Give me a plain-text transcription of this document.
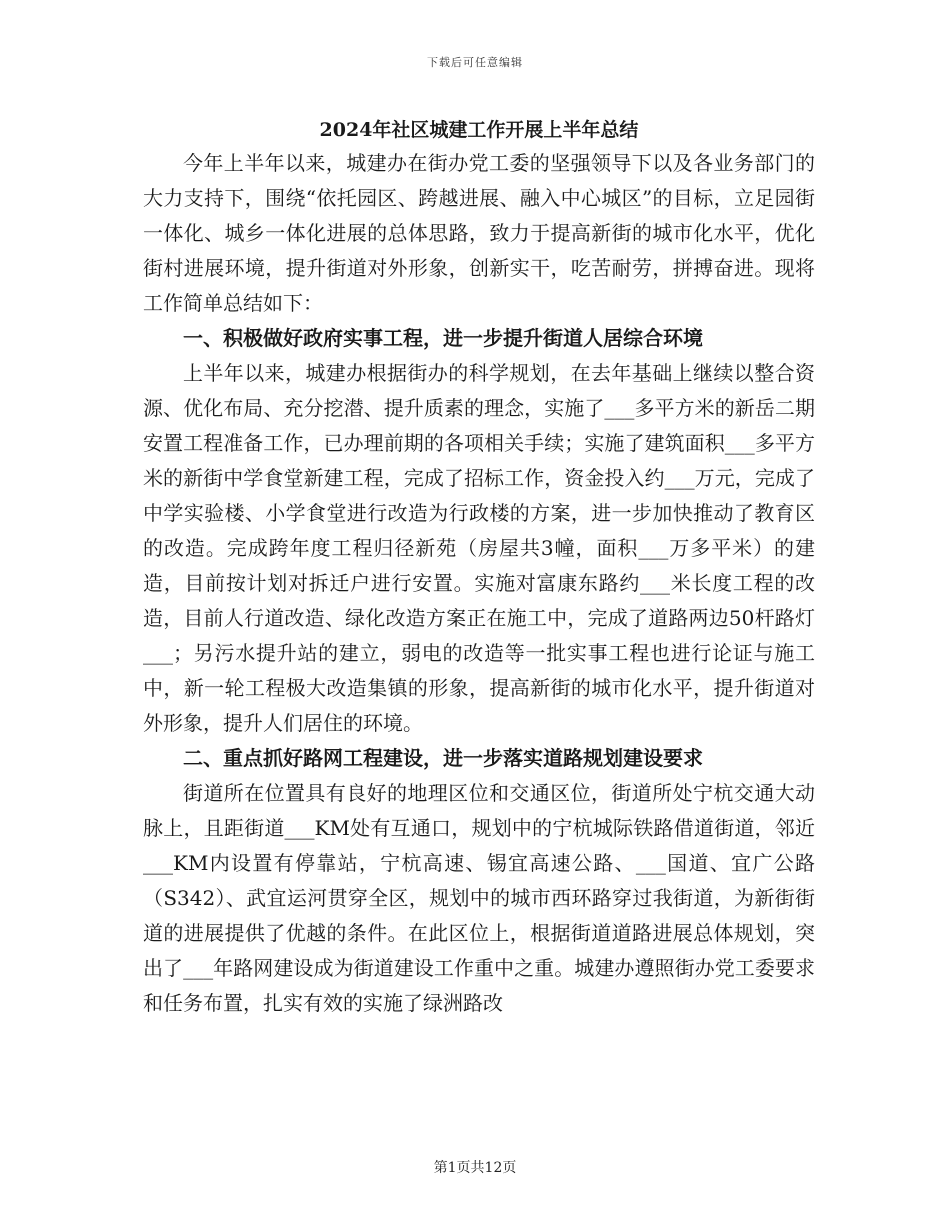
下载后可任意编辑
2024年社区城建工作开展上半年总结

今年上半年以来，城建办在街办党工委的坚强领导下以及各业务部门的大力支持下，围绕“依托园区、跨越进展、融入中心城区”的目标，立足园街一体化、城乡一体化进展的总体思路，致力于提高新街的城市化水平，优化街村进展环境，提升街道对外形象，创新实干，吃苦耐劳，拼搏奋进。现将工作简单总结如下：

一、积极做好政府实事工程，进一步提升街道人居综合环境

上半年以来，城建办根据街办的科学规划，在去年基础上继续以整合资源、优化布局、充分挖潜、提升质素的理念，实施了___多平方米的新岳二期安置工程准备工作，已办理前期的各项相关手续；实施了建筑面积___多平方米的新街中学食堂新建工程，完成了招标工作，资金投入约___万元，完成了中学实验楼、小学食堂进行改造为行政楼的方案，进一步加快推动了教育区的改造。完成跨年度工程归径新苑（房屋共3幢，面积___万多平米）的建造，目前按计划对拆迁户进行安置。实施对富康东路约___米长度工程的改造，目前人行道改造、绿化改造方案正在施工中，完成了道路两边50杆路灯___；另污水提升站的建立，弱电的改造等一批实事工程也进行论证与施工中，新一轮工程极大改造集镇的形象，提高新街的城市化水平，提升街道对外形象，提升人们居住的环境。

二、重点抓好路网工程建设，进一步落实道路规划建设要求

街道所在位置具有良好的地理区位和交通区位，街道所处宁杭交通大动脉上，且距街道___KM处有互通口，规划中的宁杭城际铁路借道街道，邻近___KM内设置有停靠站，宁杭高速、锡宜高速公路、___国道、宜广公路（S342）、武宜运河贯穿全区，规划中的城市西环路穿过我街道，为新街街道的进展提供了优越的条件。在此区位上，根据街道道路进展总体规划，突出了___年路网建设成为街道建设工作重中之重。城建办遵照街办党工委要求和任务布置，扎实有效的实施了绿洲路改

第1页共12页
